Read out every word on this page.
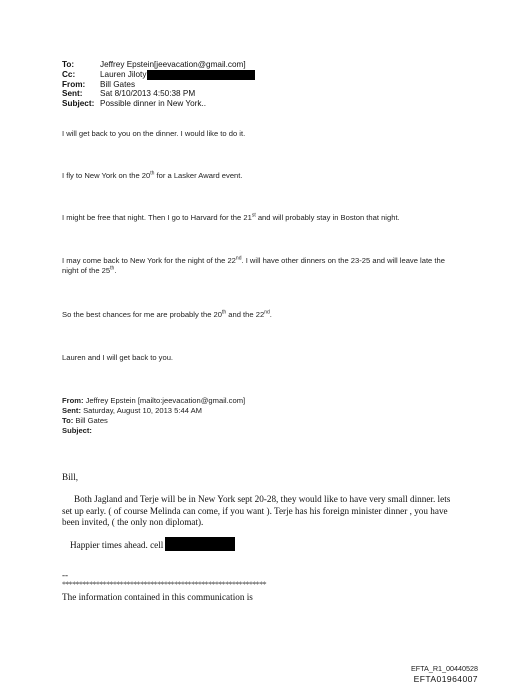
To:	Jeffrey Epstein[jeevacation@gmail.com]
Cc:	Lauren Jiloty
From:	Bill Gates
Sent:	Sat 8/10/2013 4:50:38 PM
Subject: Possible dinner in New York..

I will get back to you on the dinner. I would like to do it.

I fly to New York on the 20th for a Lasker Award event.

I might be free that night. Then I go to Harvard for the 21st and will probably stay in Boston that night.

I may come back to New York for the night of the 22nd. I will have other dinners on the 23-25 and will leave late the night of the 25th.

So the best chances for me are probably the 20th and the 22nd.

Lauren and I will get back to you.

From: Jeffrey Epstein [mailto:jeevacation@gmail.com]
Sent: Saturday, August 10, 2013 5:44 AM
To: Bill Gates
Subject:

Bill,

Both Jagland and Terje will be in New York sept 20-28, they would like to have very small dinner. lets set up early. ( of course Melinda can come, if you want ). Terje has his foreign minister dinner , you have been invited, ( the only non diplomat).

Happier times ahead. cell

--

************************************************************

The information contained in this communication is

EFTA_R1_00440528
EFTA01964007
